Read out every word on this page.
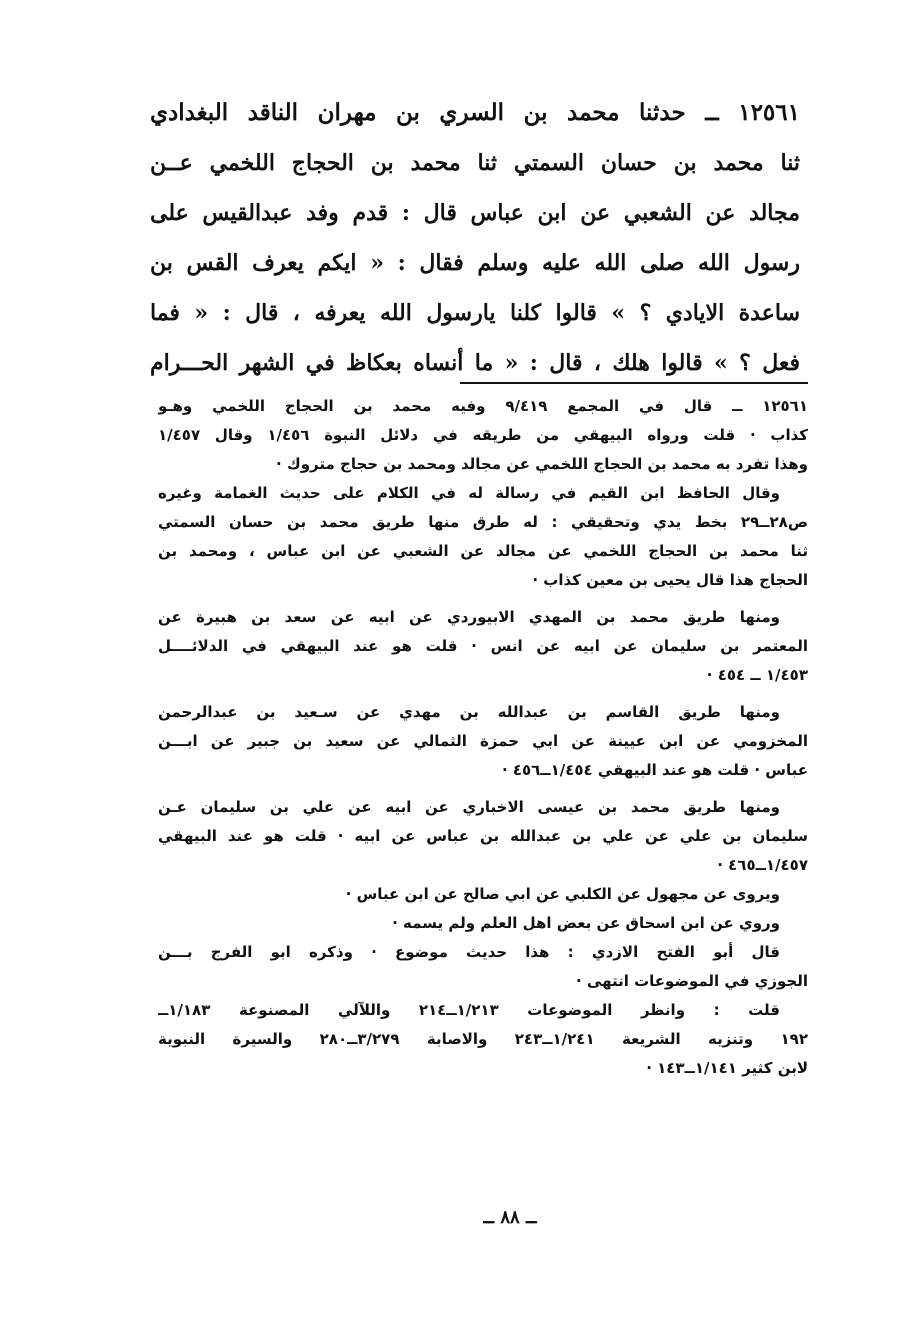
١٢٥٦١ ــ حدثنا محمد بن السري بن مهران الناقد البغدادي
ثنا محمد بن حسان السمتي ثنا محمد بن الحجاج اللخمي عــن
مجالد عن الشعبي عن ابن عباس قال : قدم وفد عبدالقيس على
رسول الله صلى الله عليه وسلم فقال : « ايكم يعرف القس بن
ساعدة الايادي ؟ » قالوا كلنا يارسول الله يعرفه ، قال : « فما
فعل ؟ » قالوا هلك ، قال : « ما أنساه بعكاظ في الشهر الحـــرام
١٢٥٦١ ــ قال في المجمع ٩/٤١٩ وفيه محمد بن الحجاج اللخمي وهـو
كذاب · قلت ورواه البيهقي من طريقه في دلائل النبوة ١/٤٥٦ وقال ١/٤٥٧
وهذا تفرد به محمد بن الحجاج اللخمي عن مجالد ومحمد بن حجاج متروك ·
وقال الحافظ ابن القيم في رسالة له في الكلام على حديث الغمامة وغيره
ص٢٨ــ٢٩ بخط يدي وتحقيقي : له طرق منها طريق محمد بن حسان السمتي
ثنا محمد بن الحجاج اللخمي عن مجالد عن الشعبي عن ابن عباس ، ومحمد بن
الحجاج هذا قال يحيى بن معين كذاب ·
ومنها طريق محمد بن المهدي الابيوردي عن ابيه عن سعد بن هبيرة عن
المعتمر بن سليمان عن ابيه عن انس · قلت هو عند البيهقي في الدلائــــل
١/٤٥٣ ــ ٤٥٤ ·
ومنها طريق القاسم بن عبدالله بن مهدي عن سـعيد بن عبدالرحمن
المخزومي عن ابن عيينة عن ابي حمزة الثمالي عن سعيد بن جبير عن ابـــن
عباس · قلت هو عند البيهقي ١/٤٥٤ــ٤٥٦ ·
ومنها طريق محمد بن عيسى الاخباري عن ابيه عن علي بن سليمان عـن
سليمان بن علي عن علي بن عبدالله بن عباس عن ابيه · قلت هو عند البيهقي
١/٤٥٧ــ٤٦٥ ·
ويروى عن مجهول عن الكلبي عن ابي صالح عن ابن عباس ·
وروي عن ابن اسحاق عن بعض اهل العلم ولم يسمه ·
قال أبو الفتح الازدي : هذا حديث موضوع · وذكره ابو الفرج بـــن
الجوزي في الموضوعات انتهى ·
قلت : وانظر الموضوعات ١/٢١٣ــ٢١٤ واللآلي المصنوعة ١/١٨٣ــ
١٩٢ وتنزيه الشريعة ١/٢٤١ــ٢٤٣ والاصابة ٣/٢٧٩ــ٢٨٠ والسيرة النبوية
لابن كثير ١/١٤١ــ١٤٣ ·
ــ ٨٨ ــ
